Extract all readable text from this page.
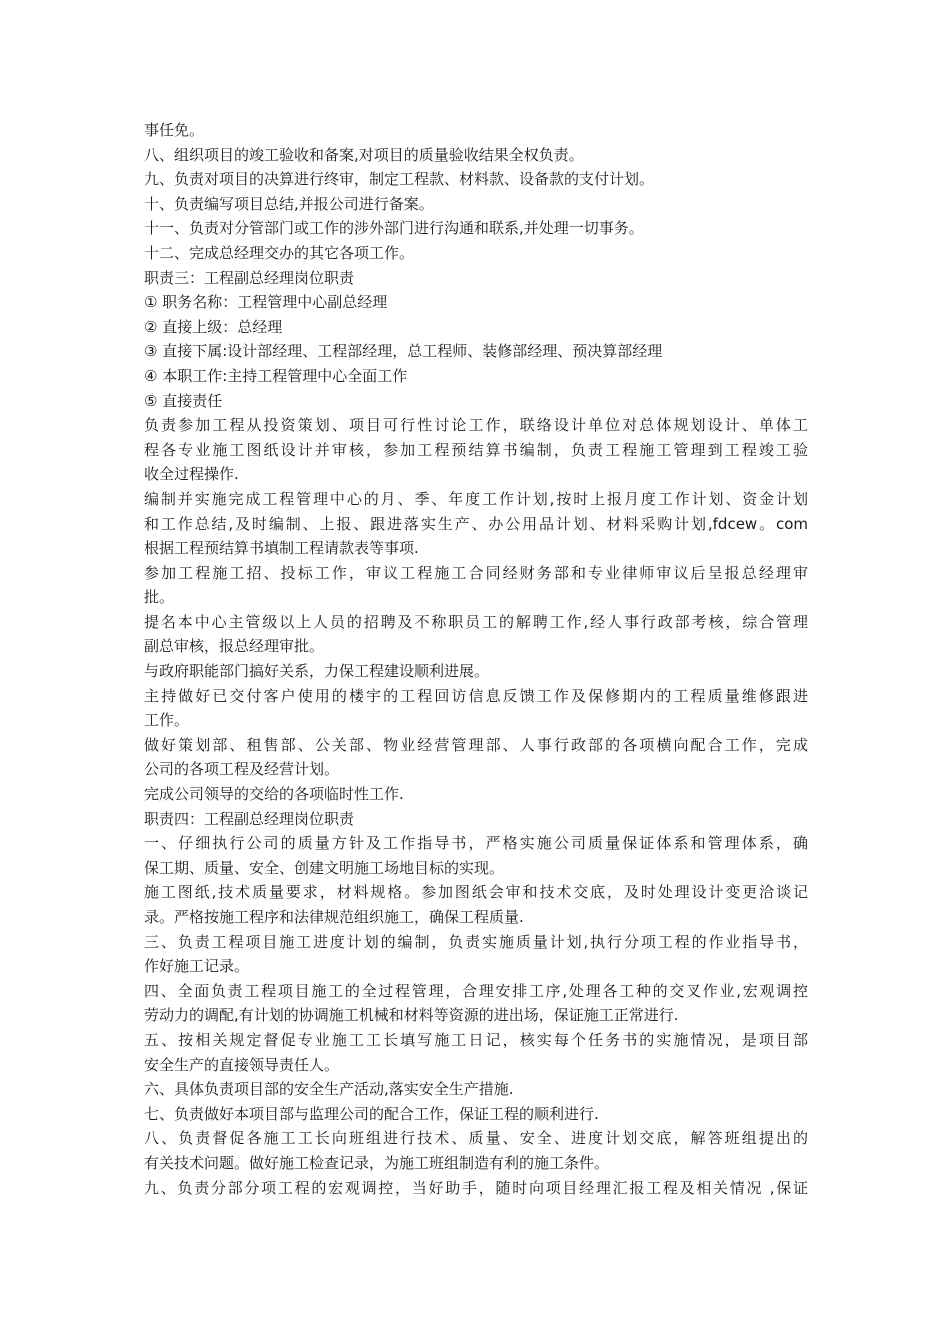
事任免。
八、组织项目的竣工验收和备案,对项目的质量验收结果全权负责。
九、负责对项目的决算进行终审，制定工程款、材料款、设备款的支付计划。
十、负责编写项目总结,并报公司进行备案。
十一、负责对分管部门或工作的涉外部门进行沟通和联系,并处理一切事务。
十二、完成总经理交办的其它各项工作。
职责三：工程副总经理岗位职责
① 职务名称：工程管理中心副总经理
② 直接上级：总经理
③ 直接下属:设计部经理、工程部经理，总工程师、装修部经理、预决算部经理
④ 本职工作:主持工程管理中心全面工作
⑤ 直接责任
负责参加工程从投资策划、项目可行性讨论工作，联络设计单位对总体规划设计、单体工
程各专业施工图纸设计并审核，参加工程预结算书编制，负责工程施工管理到工程竣工验
收全过程操作.
编制并实施完成工程管理中心的月、季、年度工作计划,按时上报月度工作计划、资金计划
和工作总结,及时编制、上报、跟进落实生产、办公用品计划、材料采购计划,fdcew。com
根据工程预结算书填制工程请款表等事项.
参加工程施工招、投标工作，审议工程施工合同经财务部和专业律师审议后呈报总经理审
批。
提名本中心主管级以上人员的招聘及不称职员工的解聘工作,经人事行政部考核，综合管理
副总审核，报总经理审批。
与政府职能部门搞好关系，力保工程建设顺利进展。
主持做好已交付客户使用的楼宇的工程回访信息反馈工作及保修期内的工程质量维修跟进
工作。
做好策划部、租售部、公关部、物业经营管理部、人事行政部的各项横向配合工作，完成
公司的各项工程及经营计划。
完成公司领导的交给的各项临时性工作.
职责四：工程副总经理岗位职责
一、仔细执行公司的质量方针及工作指导书，严格实施公司质量保证体系和管理体系，确
保工期、质量、安全、创建文明施工场地目标的实现。
施工图纸,技术质量要求，材料规格。参加图纸会审和技术交底，及时处理设计变更洽谈记
录。严格按施工程序和法律规范组织施工，确保工程质量.
三、负责工程项目施工进度计划的编制，负责实施质量计划,执行分项工程的作业指导书，
作好施工记录。
四、全面负责工程项目施工的全过程管理，合理安排工序,处理各工种的交叉作业,宏观调控
劳动力的调配,有计划的协调施工机械和材料等资源的进出场，保证施工正常进行.
五、按相关规定督促专业施工工长填写施工日记，核实每个任务书的实施情况，是项目部
安全生产的直接领导责任人。
六、具体负责项目部的安全生产活动,落实安全生产措施.
七、负责做好本项目部与监理公司的配合工作，保证工程的顺利进行.
八、负责督促各施工工长向班组进行技术、质量、安全、进度计划交底，解答班组提出的
有关技术问题。做好施工检查记录，为施工班组制造有利的施工条件。
九、负责分部分项工程的宏观调控，当好助手，随时向项目经理汇报工程及相关情况 ,保证
